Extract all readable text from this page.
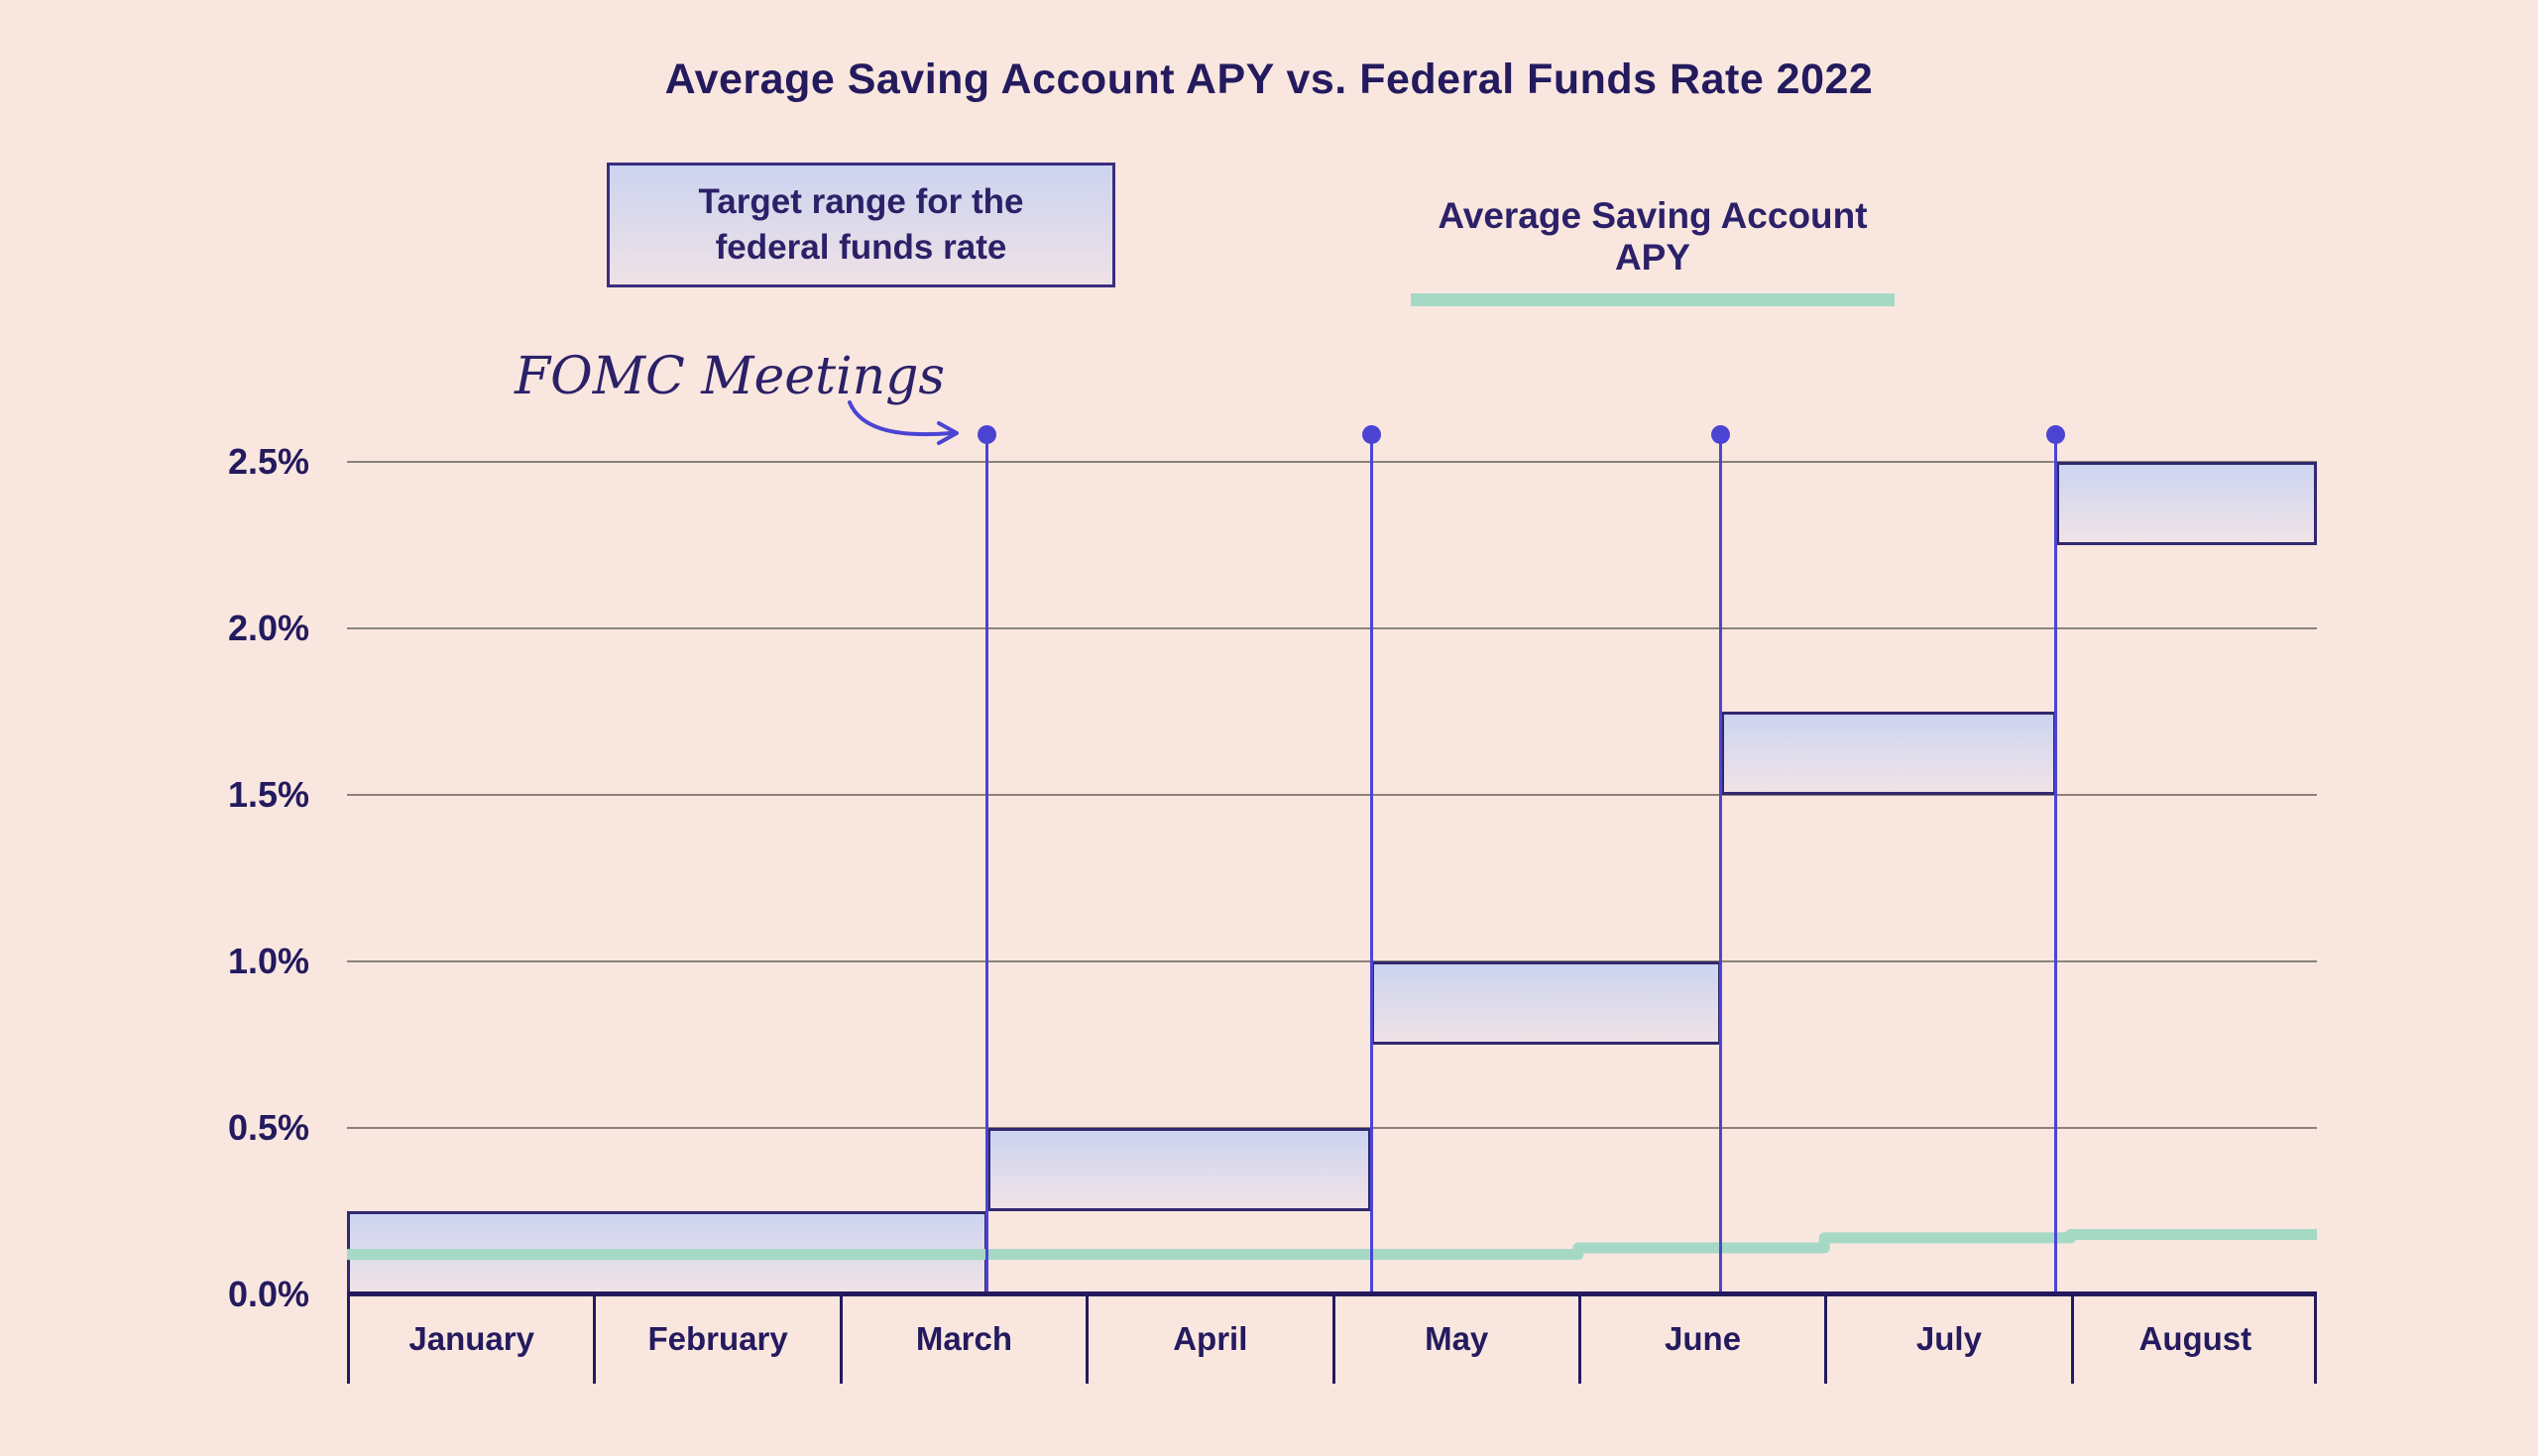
Average Saving Account APY vs. Federal Funds Rate 2022
Target range for the
federal funds rate
Average Saving Account APY
FOMC Meetings
0.0%
0.5%
1.0%
1.5%
2.0%
2.5%
January	February	March	April	May	June	July	August
